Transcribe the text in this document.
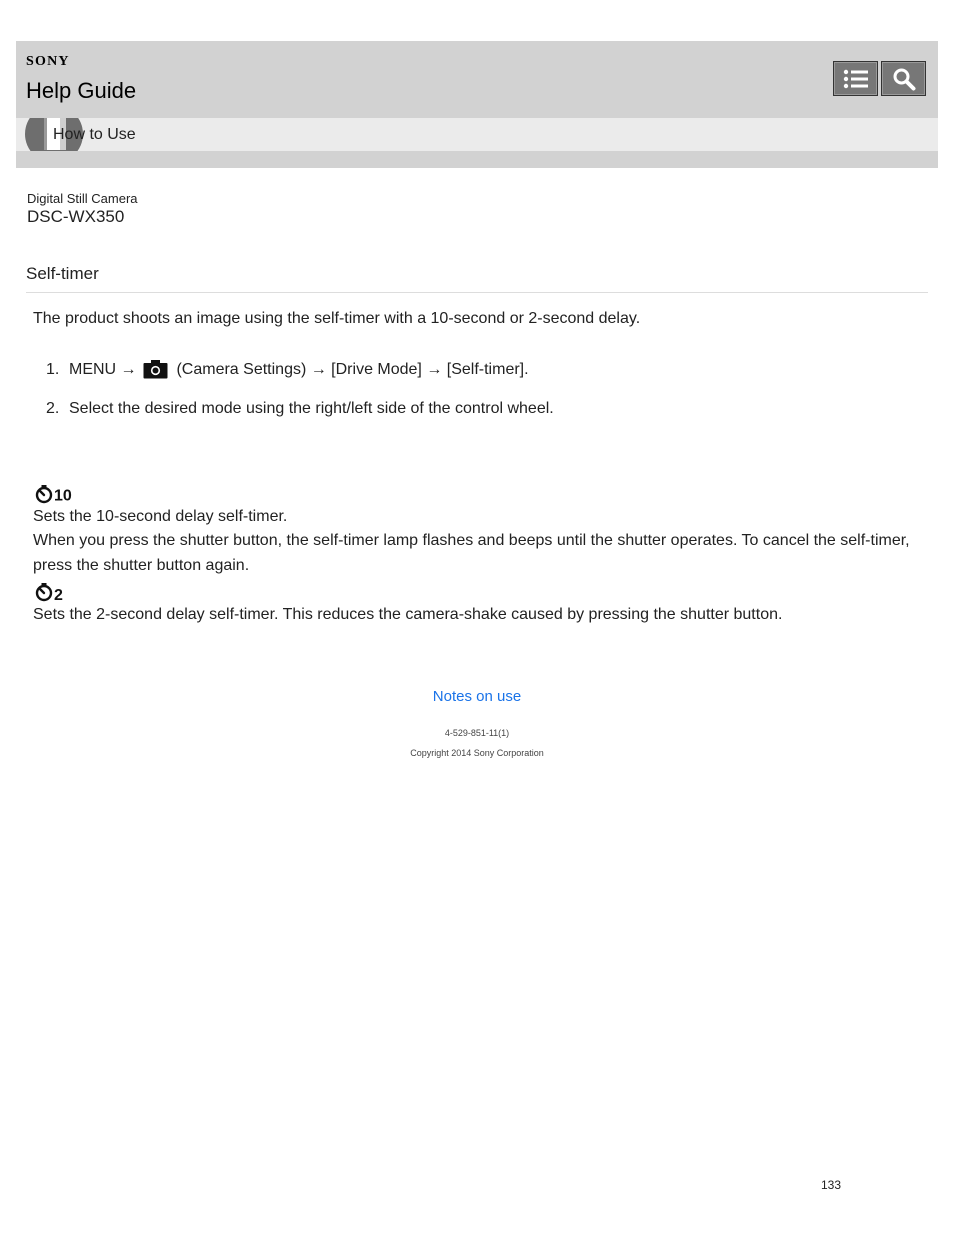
SONY
Help Guide
How to Use
Digital Still Camera
DSC-WX350
Self-timer
The product shoots an image using the self-timer with a 10-second or 2-second delay.
1. MENU → (Camera Settings) → [Drive Mode] → [Self-timer].
2. Select the desired mode using the right/left side of the control wheel.
10

Sets the 10-second delay self-timer.

When you press the shutter button, the self-timer lamp flashes and beeps until the shutter operates. To cancel the self-timer, press the shutter button again.

2

Sets the 2-second delay self-timer. This reduces the camera-shake caused by pressing the shutter button.

Notes on use
4-529-851-11(1)
Copyright 2014 Sony Corporation
133
